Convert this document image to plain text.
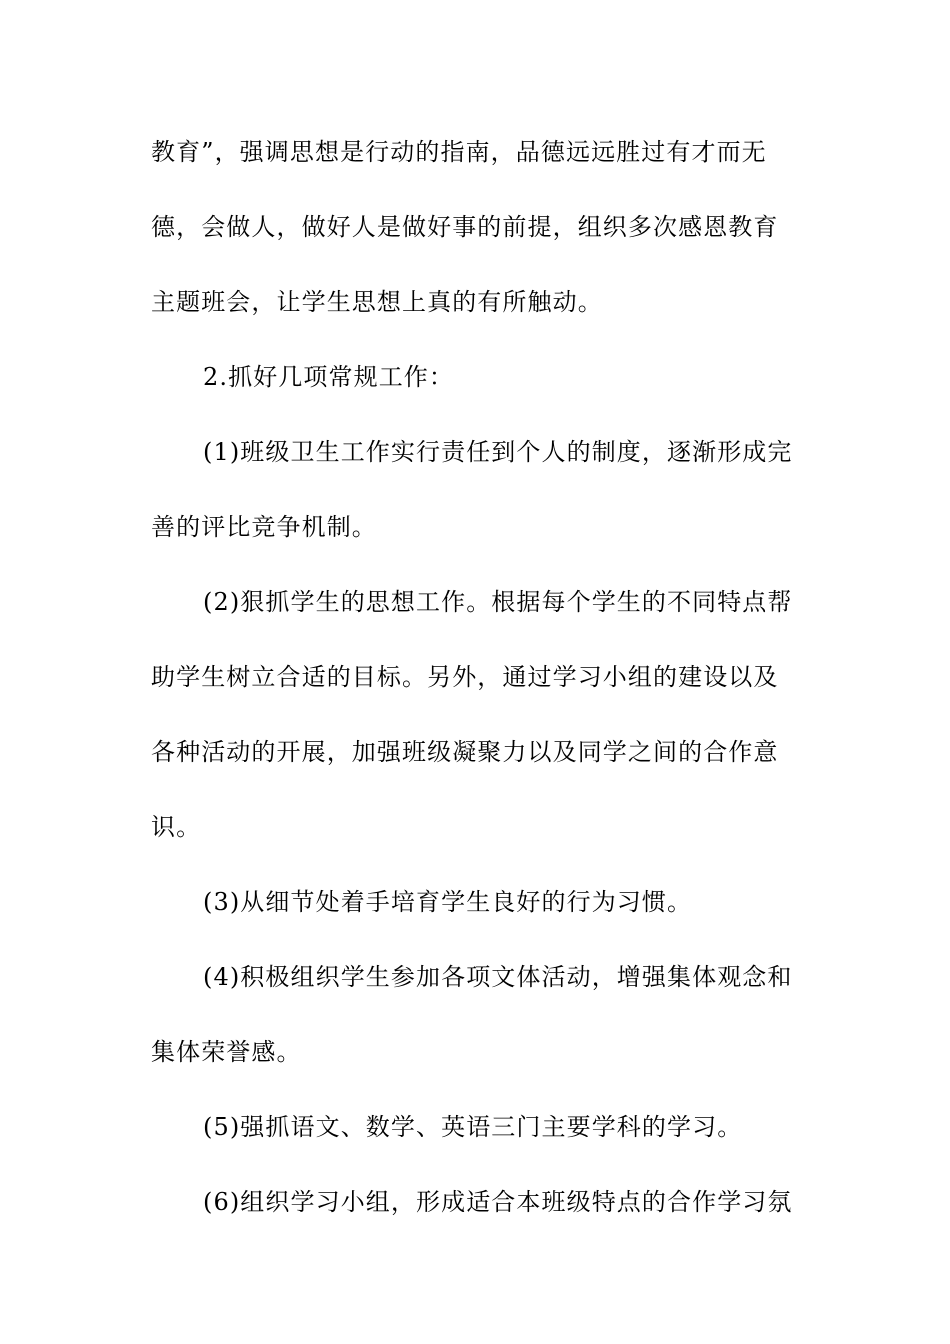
教育”，强调思想是行动的指南，品德远远胜过有才而无
德，会做人，做好人是做好事的前提，组织多次感恩教育
主题班会，让学生思想上真的有所触动。
2.抓好几项常规工作：
(1)班级卫生工作实行责任到个人的制度，逐渐形成完
善的评比竞争机制。
(2)狠抓学生的思想工作。根据每个学生的不同特点帮
助学生树立合适的目标。另外，通过学习小组的建设以及
各种活动的开展，加强班级凝聚力以及同学之间的合作意
识。
(3)从细节处着手培育学生良好的行为习惯。
(4)积极组织学生参加各项文体活动，增强集体观念和
集体荣誉感。
(5)强抓语文、数学、英语三门主要学科的学习。
(6)组织学习小组，形成适合本班级特点的合作学习氛
